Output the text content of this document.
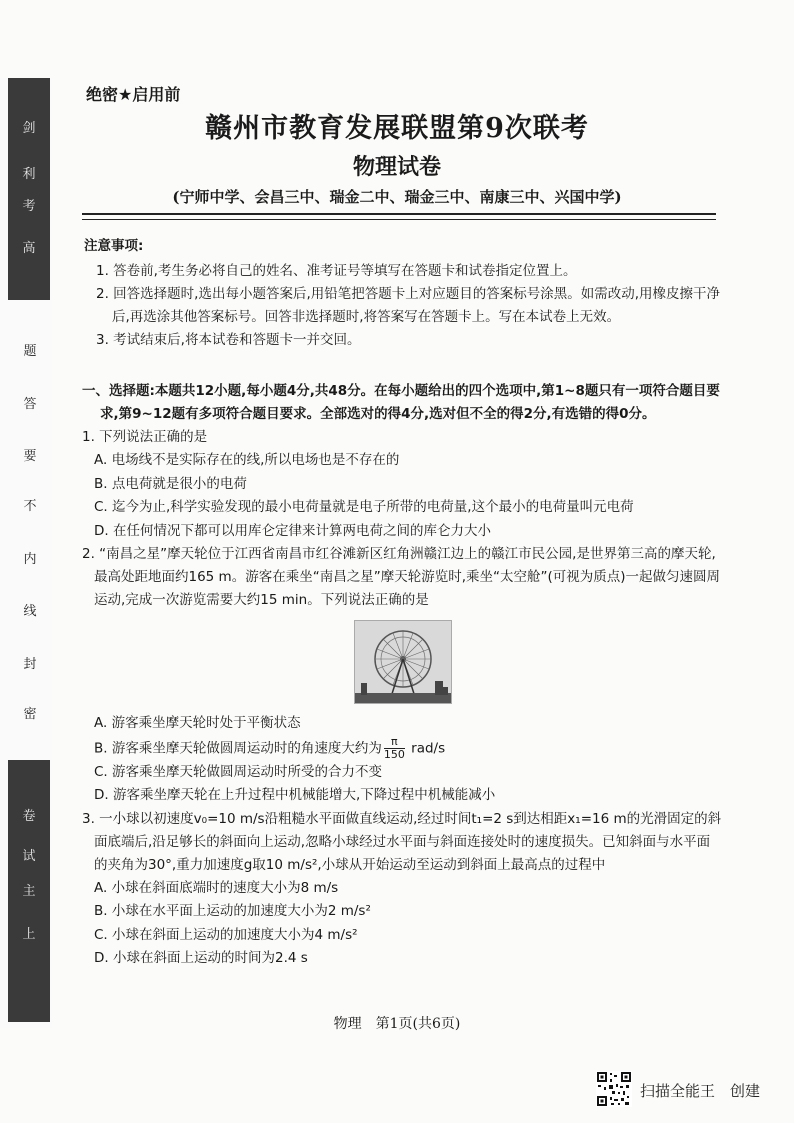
剑
利
考
高
题
答
要
不
内
线
封
密
卷
试
主
上
绝密★启用前
赣州市教育发展联盟第9次联考
物理试卷
(宁师中学、会昌三中、瑞金二中、瑞金三中、南康三中、兴国中学)
注意事项:
1. 答卷前,考生务必将自己的姓名、准考证号等填写在答题卡和试卷指定位置上。
2. 回答选择题时,选出每小题答案后,用铅笔把答题卡上对应题目的答案标号涂黑。如需改动,用橡皮擦干净后,再选涂其他答案标号。回答非选择题时,将答案写在答题卡上。写在本试卷上无效。
3. 考试结束后,将本试卷和答题卡一并交回。
一、选择题:本题共12小题,每小题4分,共48分。在每小题给出的四个选项中,第1~8题只有一项符合题目要求,第9~12题有多项符合题目要求。全部选对的得4分,选对但不全的得2分,有选错的得0分。
1. 下列说法正确的是
A. 电场线不是实际存在的线,所以电场也是不存在的
B. 点电荷就是很小的电荷
C. 迄今为止,科学实验发现的最小电荷量就是电子所带的电荷量,这个最小的电荷量叫元电荷
D. 在任何情况下都可以用库仑定律来计算两电荷之间的库仑力大小
2. “南昌之星”摩天轮位于江西省南昌市红谷滩新区红角洲赣江边上的赣江市民公园,是世界第三高的摩天轮,最高处距地面约165 m。游客在乘坐“南昌之星”摩天轮游览时,乘坐“太空舱”(可视为质点)一起做匀速圆周运动,完成一次游览需要大约15 min。下列说法正确的是
A. 游客乘坐摩天轮时处于平衡状态
B. 游客乘坐摩天轮做圆周运动时的角速度大约为 $\frac{\pi}{150} rad/s$
C. 游客乘坐摩天轮做圆周运动时所受的合力不变
D. 游客乘坐摩天轮在上升过程中机械能增大,下降过程中机械能减小
3. 一小球以初速度v₀=10 m/s沿粗糙水平面做直线运动,经过时间t₁=2 s到达相距x₁=16 m的光滑固定的斜面底端后,沿足够长的斜面向上运动,忽略小球经过水平面与斜面连接处时的速度损失。已知斜面与水平面的夹角为30°,重力加速度g取10 m/s²,小球从开始运动至运动到斜面上最高点的过程中
A. 小球在斜面底端时的速度大小为8 m/s
B. 小球在水平面上运动的加速度大小为2 m/s²
C. 小球在斜面上运动的加速度大小为4 m/s²
D. 小球在斜面上运动的时间为2.4 s
物理　第1页(共6页)
扫描全能王　创建
